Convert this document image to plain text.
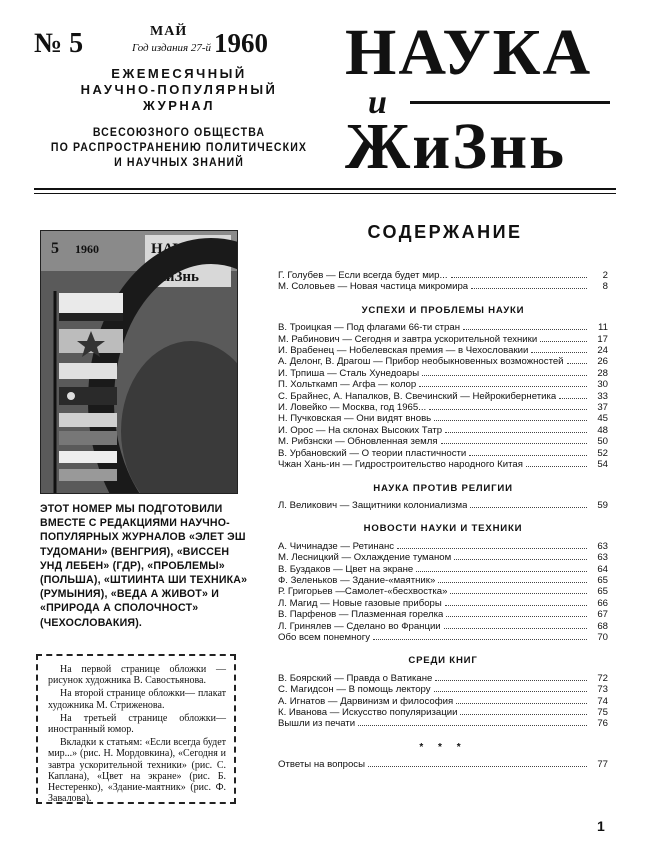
№ 5	МАЙ
Год издания 27-й 1960
ЕЖЕМЕСЯЧНЫЙ
НАУЧНО-ПОПУЛЯРНЫЙ
ЖУРНАЛ
ВСЕСОЮЗНОГО ОБЩЕСТВА
ПО РАСПРОСТРАНЕНИЮ ПОЛИТИЧЕСКИХ
И НАУЧНЫХ ЗНАНИЙ
НАУКА
и
ЖиЗнь
5 1960	НАУКА
и
ЖиЗнь
ЭТОТ НОМЕР МЫ ПОДГОТОВИЛИ ВМЕСТЕ С РЕДАКЦИЯМИ НАУЧНО-ПОПУЛЯРНЫХ ЖУРНАЛОВ «ЭЛЕТ ЭШ ТУДОМАНИ» (ВЕНГРИЯ), «ВИССЕН УНД ЛЕБЕН» (ГДР), «ПРОБЛЕМЫ» (ПОЛЬША), «ШТИИНТА ШИ ТЕХНИКА» (РУМЫНИЯ), «ВЕДА А ЖИВОТ» И «ПРИРОДА А СПОЛОЧНОСТ» (ЧЕХОСЛОВАКИЯ).

На первой странице обложки — рисунок художника В. Савостьянова.

На второй странице обложки— плакат художника М. Стриженова.

На третьей странице обложки— иностранный юмор.

Вкладки к статьям: «Если всегда будет мир...» (рис. Н. Мордовкина), «Сегодня и завтра ускорительной техники» (рис. С. Каплана), «Цвет на экране» (рис. Б. Нестеренко), «Здание-маятник» (рис. Ф. Завалова).

СОДЕРЖАНИЕ
Г. Голубев — Если всегда будет мир...	2
М. Соловьев — Новая частица микромира	8
УСПЕХИ И ПРОБЛЕМЫ НАУКИ
В. Троицкая — Под флагами 66-ти стран	11
М. Рабинович — Сегодня и завтра ускорительной техники	17
И. Врабенец — Нобелевская премия — в Чехословакии	24
А. Делонг, В. Драгош — Прибор необыкновенных возможностей	26
И. Трпиша — Сталь Хунедоары	28
П. Хольткамп — Агфа — колор	30
С. Брайнес, А. Напалков, В. Свечинский — Нейрокибернетика	33
И. Ловейко — Москва, год 1965...	37
Н. Пучковская — Они видят вновь	45
И. Орос — На склонах Высоких Татр	48
М. Рибзнски — Обновленная земля	50
В. Урбановский — О теории пластичности	52
Чжан Хань-ин — Гидростроительство народного Китая	54
НАУКА ПРОТИВ РЕЛИГИИ
Л. Великович — Защитники колониализма	59
НОВОСТИ НАУКИ И ТЕХНИКИ
А. Чичинадзе — Ретинанс	63
М. Лесницкий — Охлаждение туманом	63
В. Буздаков — Цвет на экране	64
Ф. Зеленьков — Здание-«маятник»	65
Р. Григорьев —Самолет-«бесхвостка»	65
Л. Магид — Новые газовые приборы	66
В. Парфенов — Плазменная горелка	67
Л. Гринялев — Сделано во Франции	68
Обо всем понемногу	70
СРЕДИ КНИГ
В. Боярский — Правда о Ватикане	72
С. Магидсон — В помощь лектору	73
А. Игнатов — Дарвинизм и философия	74
К. Иванова — Искусство популяризации	75
Вышли из печати	76
* * *
Ответы на вопросы	77
1
